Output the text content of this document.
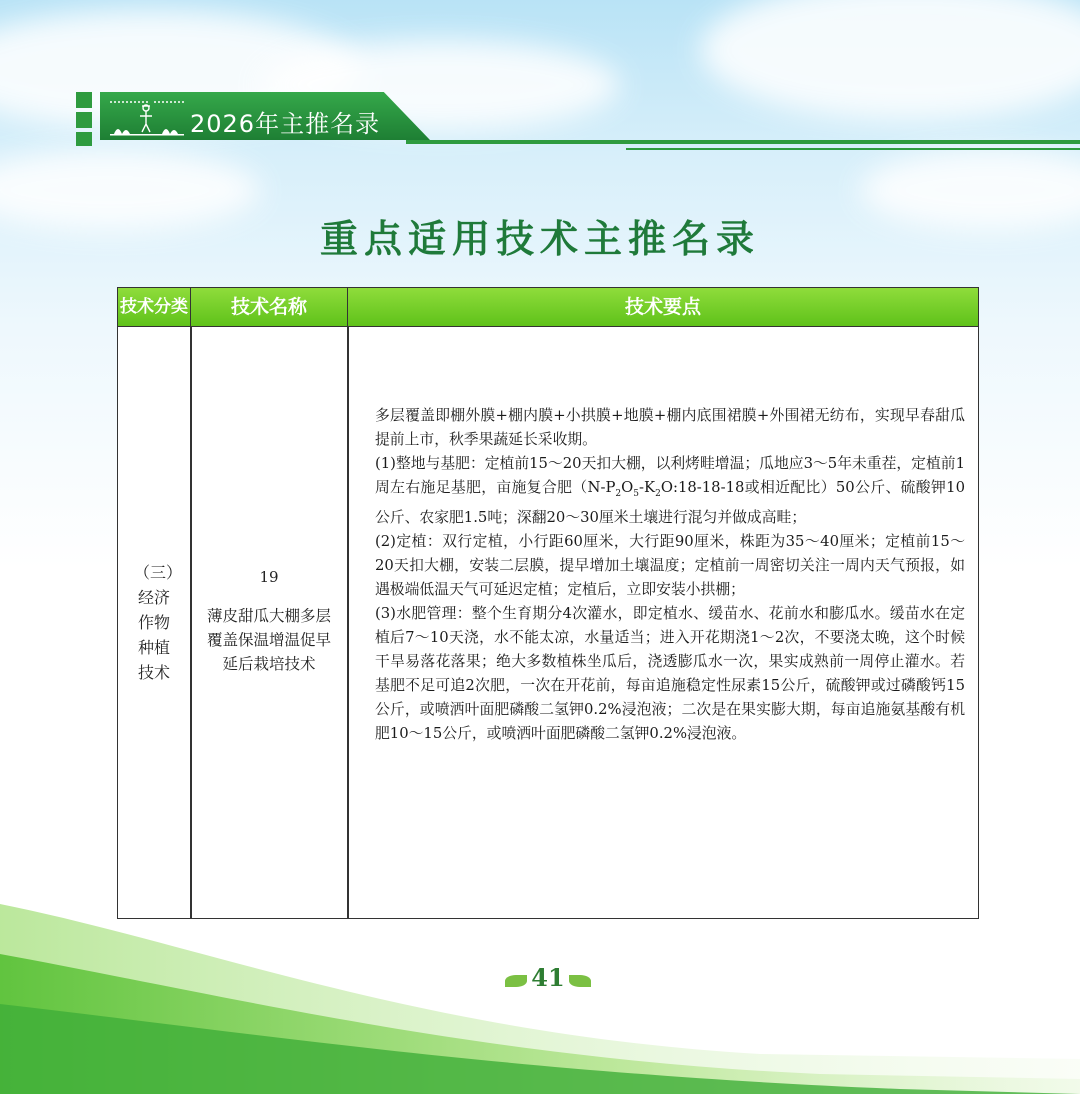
2026年主推名录
重点适用技术主推名录
技术分类	技术名称	技术要点
（三）
经济
作物
种植
技术
19
薄皮甜瓜大棚多层覆盖保温增温促早延后栽培技术

多层覆盖即棚外膜+棚内膜+小拱膜+地膜+棚内底围裙膜+外围裙无纺布，实现早春甜瓜提前上市，秋季果蔬延长采收期。

(1)整地与基肥：定植前15～20天扣大棚，以利烤畦增温；瓜地应3～5年未重茬，定植前1周左右施足基肥，亩施复合肥（$N-P_2O_5-K_2O:18-18-18$或相近配比）50公斤、硫酸钾10公斤、农家肥1.5吨；深翻20～30厘米土壤进行混匀并做成高畦；

(2)定植：双行定植，小行距60厘米，大行距90厘米，株距为35～40厘米；定植前15～20天扣大棚，安装二层膜，提早增加土壤温度；定植前一周密切关注一周内天气预报，如遇极端低温天气可延迟定植；定植后，立即安装小拱棚；

(3)水肥管理：整个生育期分4次灌水，即定植水、缓苗水、花前水和膨瓜水。缓苗水在定植后7～10天浇，水不能太凉，水量适当；进入开花期浇1～2次，不要浇太晚，这个时候干旱易落花落果；绝大多数植株坐瓜后，浇透膨瓜水一次，果实成熟前一周停止灌水。若基肥不足可追2次肥，一次在开花前，每亩追施稳定性尿素15公斤，硫酸钾或过磷酸钙15公斤，或喷洒叶面肥磷酸二氢钾0.2%浸泡液；二次是在果实膨大期，每亩追施氨基酸有机肥10～15公斤，或喷洒叶面肥磷酸二氢钾0.2%浸泡液。

41
